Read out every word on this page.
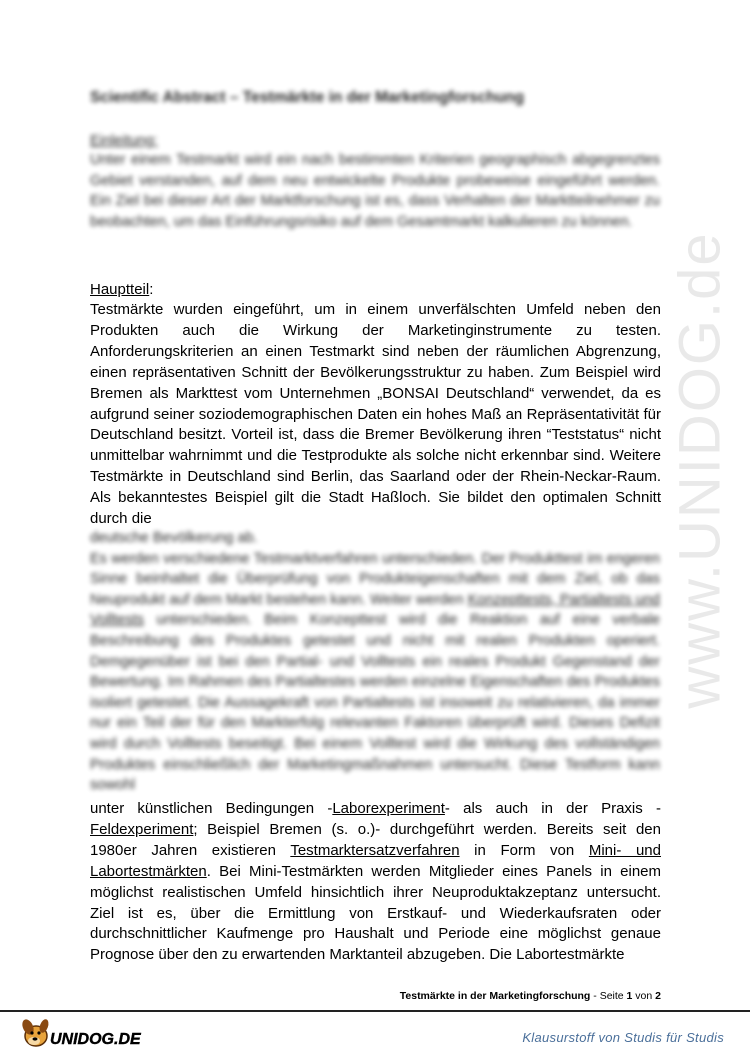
www.UNIDOG.de
Scientific Abstract – Testmärkte in der Marketingforschung
Einleitung:
Unter einem Testmarkt wird ein nach bestimmten Kriterien geographisch abgegrenztes Gebiet verstanden, auf dem neu entwickelte Produkte probeweise eingeführt werden. Ein Ziel bei dieser Art der Marktforschung ist es, dass Verhalten der Marktteilnehmer zu beobachten, um das Einführungsrisiko auf dem Gesamtmarkt kalkulieren zu können.
Hauptteil:

Testmärkte wurden eingeführt, um in einem unverfälschten Umfeld neben den Produkten auch die Wirkung der Marketinginstrumente zu testen. Anforderungskriterien an einen Testmarkt sind neben der räumlichen Abgrenzung, einen repräsentativen Schnitt der Bevölkerungsstruktur zu haben. Zum Beispiel wird Bremen als Markttest vom Unternehmen „BONSAI Deutschland“ verwendet, da es aufgrund seiner soziodemographischen Daten ein hohes Maß an Repräsentativität für Deutschland besitzt. Vorteil ist, dass die Bremer Bevölkerung ihren “Teststatus“ nicht unmittelbar wahrnimmt und die Testprodukte als solche nicht erkennbar sind. Weitere Testmärkte in Deutschland sind Berlin, das Saarland oder der Rhein-Neckar-Raum. Als bekanntestes Beispiel gilt die Stadt Haßloch. Sie bildet den optimalen Schnitt durch die

deutsche Bevölkerung ab.

Es werden verschiedene Testmarktverfahren unterschieden. Der Produkttest im engeren Sinne beinhaltet die Überprüfung von Produkteigenschaften mit dem Ziel, ob das Neuprodukt auf dem Markt bestehen kann. Weiter werden Konzepttests, Partialtests und Volltests unterschieden. Beim Konzepttest wird die Reaktion auf eine verbale Beschreibung des Produktes getestet und nicht mit realen Produkten operiert. Demgegenüber ist bei den Partial- und Volltests ein reales Produkt Gegenstand der Bewertung. Im Rahmen des Partialtestes werden einzelne Eigenschaften des Produktes isoliert getestet. Die Aussagekraft von Partialtests ist insoweit zu relativieren, da immer nur ein Teil der für den Markterfolg relevanten Faktoren überprüft wird. Dieses Defizit wird durch Volltests beseitigt. Bei einem Volltest wird die Wirkung des vollständigen Produktes einschließlich der Marketingmaßnahmen untersucht. Diese Testform kann sowohl

unter künstlichen Bedingungen -Laborexperiment- als auch in der Praxis - Feldexperiment; Beispiel Bremen (s. o.)- durchgeführt werden. Bereits seit den 1980er Jahren existieren Testmarktersatzverfahren in Form von Mini- und Labortestmärkten. Bei Mini-Testmärkten werden Mitglieder eines Panels in einem möglichst realistischen Umfeld hinsichtlich ihrer Neuproduktakzeptanz untersucht. Ziel ist es, über die Ermittlung von Erstkauf- und Wiederkaufsraten oder durchschnittlicher Kaufmenge pro Haushalt und Periode eine möglichst genaue Prognose über den zu erwartenden Marktanteil abzugeben. Die Labortestmärkte

Testmärkte in der Marketingforschung - Seite 1 von 2
UNIDOG.DE	Klausurstoff von Studis für Studis
